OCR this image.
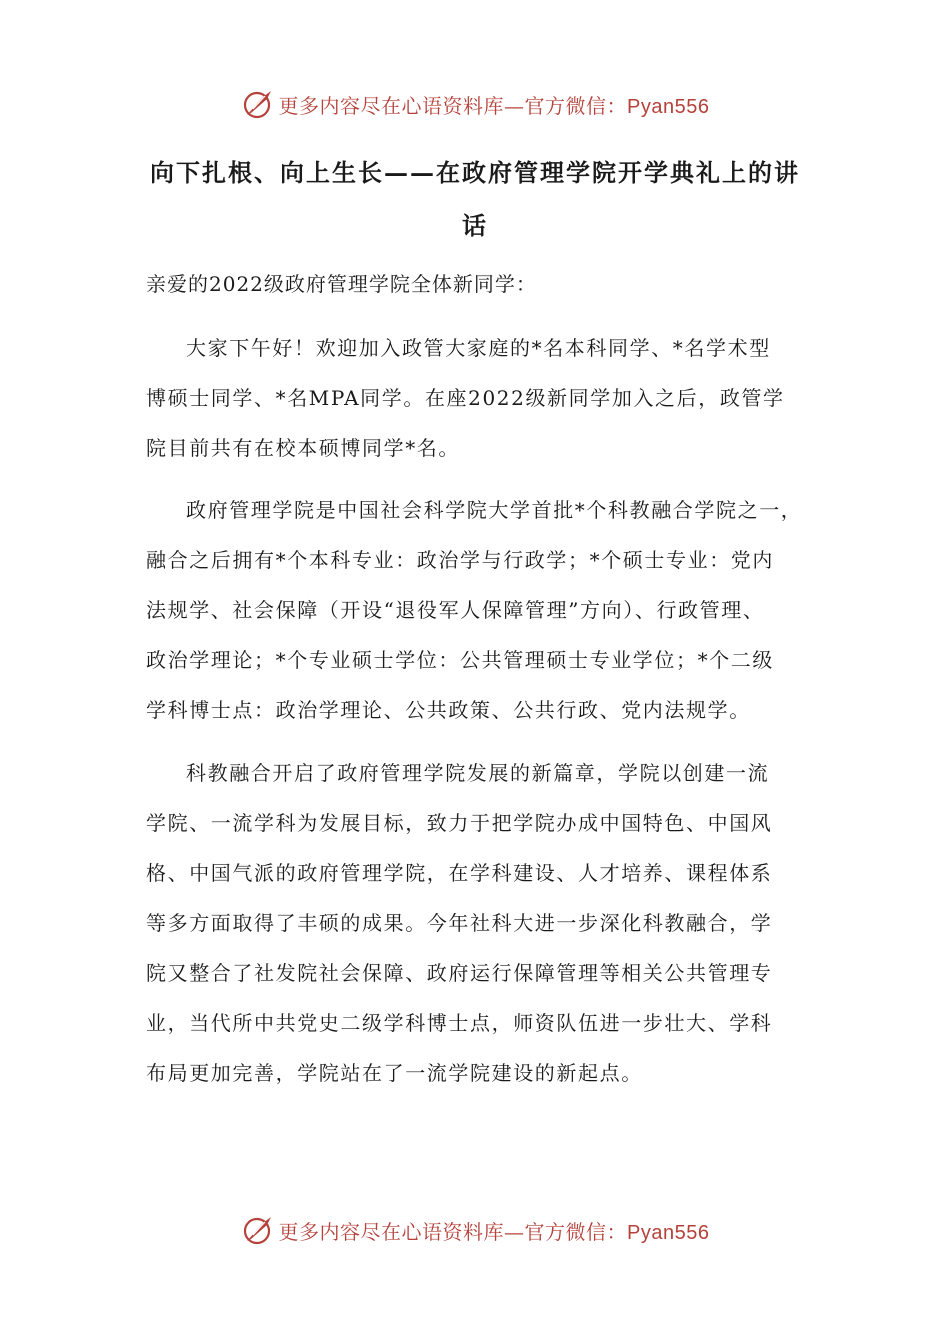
更多内容尽在心语资料库—官方微信：Pyan556
向下扎根、向上生长——在政府管理学院开学典礼上的讲
话
亲爱的2022级政府管理学院全体新同学：
大家下午好！欢迎加入政管大家庭的*名本科同学、*名学术型
博硕士同学、*名MPA同学。在座2022级新同学加入之后，政管学
院目前共有在校本硕博同学*名。
政府管理学院是中国社会科学院大学首批*个科教融合学院之一，
融合之后拥有*个本科专业：政治学与行政学；*个硕士专业：党内
法规学、社会保障（开设“退役军人保障管理”方向）、行政管理、
政治学理论；*个专业硕士学位：公共管理硕士专业学位；*个二级
学科博士点：政治学理论、公共政策、公共行政、党内法规学。
科教融合开启了政府管理学院发展的新篇章，学院以创建一流
学院、一流学科为发展目标，致力于把学院办成中国特色、中国风
格、中国气派的政府管理学院，在学科建设、人才培养、课程体系
等多方面取得了丰硕的成果。今年社科大进一步深化科教融合，学
院又整合了社发院社会保障、政府运行保障管理等相关公共管理专
业，当代所中共党史二级学科博士点，师资队伍进一步壮大、学科
布局更加完善，学院站在了一流学院建设的新起点。
更多内容尽在心语资料库—官方微信：Pyan556
